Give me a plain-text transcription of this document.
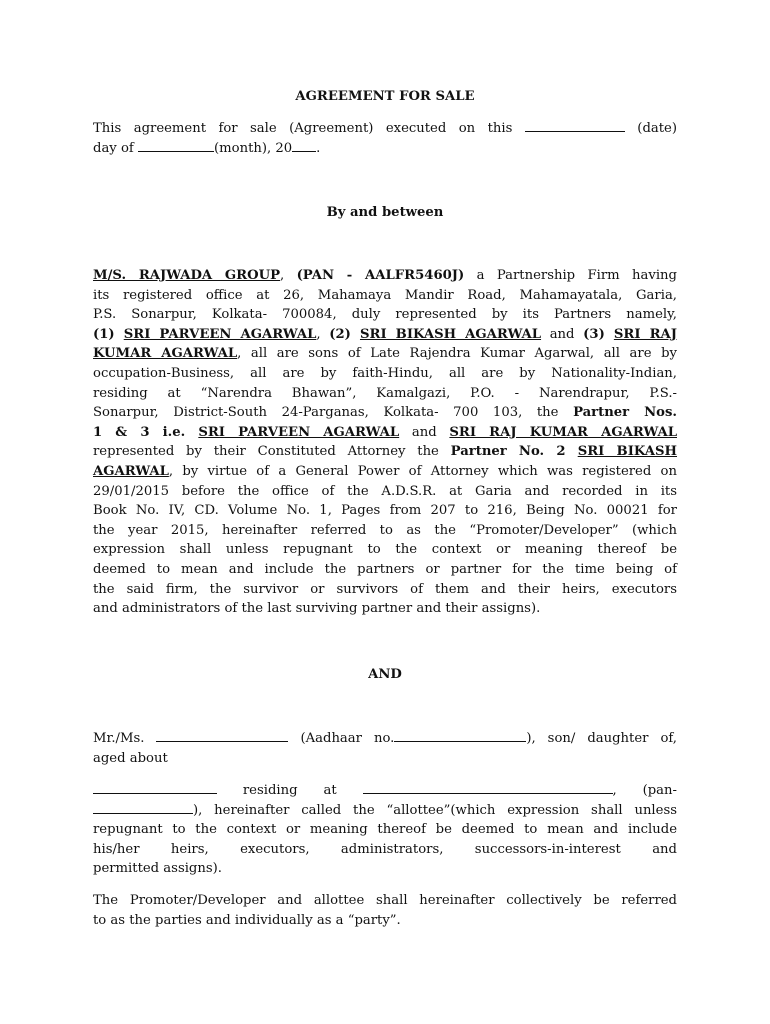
AGREEMENT FOR SALE
This agreement for sale (Agreement) executed on this	(date)
day of	(month), 20 .
By and between
M/S. RAJWADA GROUP, (PAN - AALFR5460J) a Partnership Firm having
its registered office at 26, Mahamaya Mandir Road, Mahamayatala, Garia,
P.S. Sonarpur, Kolkata- 700084, duly represented by its Partners namely,
(1) SRI PARVEEN AGARWAL, (2) SRI BIKASH AGARWAL and (3) SRI RAJ
KUMAR AGARWAL, all are sons of Late Rajendra Kumar Agarwal, all are by
occupation-Business, all are by faith-Hindu, all are by Nationality-Indian,
residing at “Narendra Bhawan”, Kamalgazi, P.O. - Narendrapur, P.S.-
Sonarpur, District-South 24-Parganas, Kolkata- 700 103, the Partner Nos.
1 & 3 i.e. SRI PARVEEN AGARWAL and SRI RAJ KUMAR AGARWAL
represented by their Constituted Attorney the Partner No. 2 SRI BIKASH
AGARWAL, by virtue of a General Power of Attorney which was registered on
29/01/2015 before the office of the A.D.S.R. at Garia and recorded in its
Book No. IV, CD. Volume No. 1, Pages from 207 to 216, Being No. 00021 for
the year 2015, hereinafter referred to as the “Promoter/Developer” (which
expression shall unless repugnant to the context or meaning thereof be
deemed to mean and include the partners or partner for the time being of
the said firm, the survivor or survivors of them and their heirs, executors
and administrators of the last surviving partner and their assigns).
AND
Mr./Ms.	(Aadhaar no.	), son/ daughter of,
aged about
residing at	, (pan-
), hereinafter called the “allottee”(which expression shall unless
repugnant to the context or meaning thereof be deemed to mean and include
his/her heirs, executors, administrators, successors-in-interest and
permitted assigns).
The Promoter/Developer and allottee shall hereinafter collectively be referred
to as the parties and individually as a “party”.
